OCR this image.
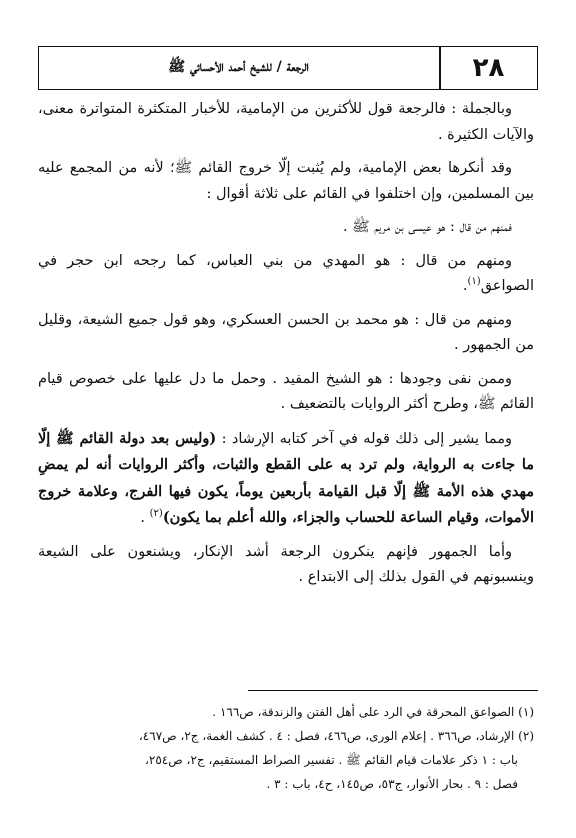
٢٨
الرجعة / للشيخ أحمد الأحسائي ﷺ

وبالجملة : فالرجعة قول للأكثرين من الإمامية، للأخبار المتكثرة المتواترة معنى، والآيات الكثيرة .

وقد أنكرها بعض الإمامية، ولم يُثبت إلّا خروج القائم ﷺ؛ لأنه من المجمع عليه بين المسلمين، وإن اختلفوا في القائم على ثلاثة أقوال :

فمنهم من قال : هو عيسى بن مريم ﷺ .

ومنهم من قال : هو المهدي من بني العباس، كما رجحه ابن حجر في الصواعق$^{(١)}$.

ومنهم من قال : هو محمد بن الحسن العسكري، وهو قول جميع الشيعة، وقليل من الجمهور .

وممن نفى وجودها : هو الشيخ المفيد . وحمل ما دل عليها على خصوص قيام القائم ﷺ، وطرح أكثر الروايات بالتضعيف .

ومما يشير إلى ذلك قوله في آخر كتابه الإرشاد : (وليس بعد دولة القائم ﷺ إلّا ما جاءت به الرواية، ولم ترد به على القطع والثبات، وأكثر الروايات أنه لم يمضِ مهدي هذه الأمة ﷺ إلّا قبل القيامة بأربعين يوماً، يكون فيها الفرج، وعلامة خروج الأموات، وقيام الساعة للحساب والجزاء، والله أعلم بما يكون)$^{(٢)}$ .

وأما الجمهور فإنهم ينكرون الرجعة أشد الإنكار، ويشنعون على الشيعة وينسبونهم في القول بذلك إلى الابتداع .

(١) الصواعق المحرقة في الرد على أهل الفتن والزندقة، ص١٦٦ .

(٢) الإرشاد، ص٣٦٦ . إعلام الورى، ص٤٦٦، فصل : ٤ . كشف الغمة، ج٢، ص٤٦٧،

باب : ١ ذكر علامات قيام القائم ﷺ . تفسير الصراط المستقيم، ج٢، ص٢٥٤،

فصل : ٩ . بحار الأنوار، ج٥٣، ص١٤٥، ح٤، باب : ٣ .
